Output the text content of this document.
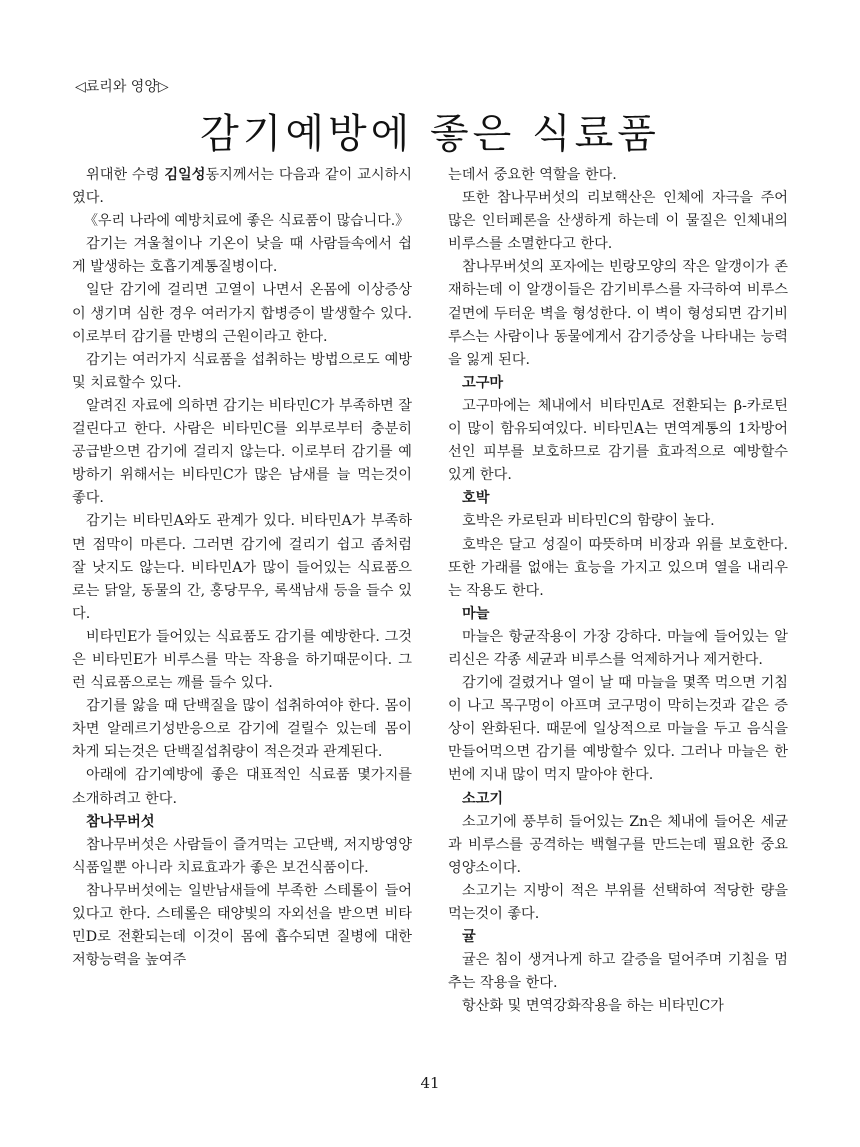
◁료리와 영양▷
감기예방에 좋은 식료품

위대한 수령 김일성동지께서는 다음과 같이 교시하시였다.

《우리 나라에 예방치료에 좋은 식료품이 많습니다.》

감기는 겨울철이나 기온이 낮을 때 사람들속에서 쉽게 발생하는 호흡기계통질병이다.

일단 감기에 걸리면 고열이 나면서 온몸에 이상증상이 생기며 심한 경우 여러가지 합병증이 발생할수 있다. 이로부터 감기를 만병의 근원이라고 한다.

감기는 여러가지 식료품을 섭취하는 방법으로도 예방 및 치료할수 있다.

알려진 자료에 의하면 감기는 비타민C가 부족하면 잘 걸린다고 한다. 사람은 비타민C를 외부로부터 충분히 공급받으면 감기에 걸리지 않는다. 이로부터 감기를 예방하기 위해서는 비타민C가 많은 남새를 늘 먹는것이 좋다.

감기는 비타민A와도 관계가 있다. 비타민A가 부족하면 점막이 마른다. 그러면 감기에 걸리기 쉽고 좀처럼 잘 낫지도 않는다. 비타민A가 많이 들어있는 식료품으로는 닭알, 동물의 간, 홍당무우, 록색남새 등을 들수 있다.

비타민E가 들어있는 식료품도 감기를 예방한다. 그것은 비타민E가 비루스를 막는 작용을 하기때문이다. 그런 식료품으로는 깨를 들수 있다.

감기를 앓을 때 단백질을 많이 섭취하여야 한다. 몸이 차면 알레르기성반응으로 감기에 걸릴수 있는데 몸이 차게 되는것은 단백질섭취량이 적은것과 관계된다.

아래에 감기예방에 좋은 대표적인 식료품 몇가지를 소개하려고 한다.

참나무버섯

참나무버섯은 사람들이 즐겨먹는 고단백, 저지방영양식품일뿐 아니라 치료효과가 좋은 보건식품이다.

참나무버섯에는 일반남새들에 부족한 스테롤이 들어있다고 한다. 스테롤은 태양빛의 자외선을 받으면 비타민D로 전환되는데 이것이 몸에 흡수되면 질병에 대한 저항능력을 높여주

는데서 중요한 역할을 한다.

또한 참나무버섯의 리보핵산은 인체에 자극을 주어 많은 인터페론을 산생하게 하는데 이 물질은 인체내의 비루스를 소멸한다고 한다.

참나무버섯의 포자에는 빈랑모양의 작은 알갱이가 존재하는데 이 알갱이들은 감기비루스를 자극하여 비루스겉면에 두터운 벽을 형성한다. 이 벽이 형성되면 감기비루스는 사람이나 동물에게서 감기증상을 나타내는 능력을 잃게 된다.

고구마

고구마에는 체내에서 비타민A로 전환되는 β-카로틴이 많이 함유되여있다. 비타민A는 면역계통의 1차방어선인 피부를 보호하므로 감기를 효과적으로 예방할수 있게 한다.

호박

호박은 카로틴과 비타민C의 함량이 높다.

호박은 달고 성질이 따뜻하며 비장과 위를 보호한다. 또한 가래를 없애는 효능을 가지고 있으며 열을 내리우는 작용도 한다.

마늘

마늘은 항균작용이 가장 강하다. 마늘에 들어있는 알리신은 각종 세균과 비루스를 억제하거나 제거한다.

감기에 걸렸거나 열이 날 때 마늘을 몇쪽 먹으면 기침이 나고 목구멍이 아프며 코구멍이 막히는것과 같은 증상이 완화된다. 때문에 일상적으로 마늘을 두고 음식을 만들어먹으면 감기를 예방할수 있다. 그러나 마늘은 한번에 지내 많이 먹지 말아야 한다.

소고기

소고기에 풍부히 들어있는 Zn은 체내에 들어온 세균과 비루스를 공격하는 백혈구를 만드는데 필요한 중요영양소이다.

소고기는 지방이 적은 부위를 선택하여 적당한 량을 먹는것이 좋다.

귤

귤은 침이 생겨나게 하고 갈증을 덜어주며 기침을 멈추는 작용을 한다.

항산화 및 면역강화작용을 하는 비타민C가

41
